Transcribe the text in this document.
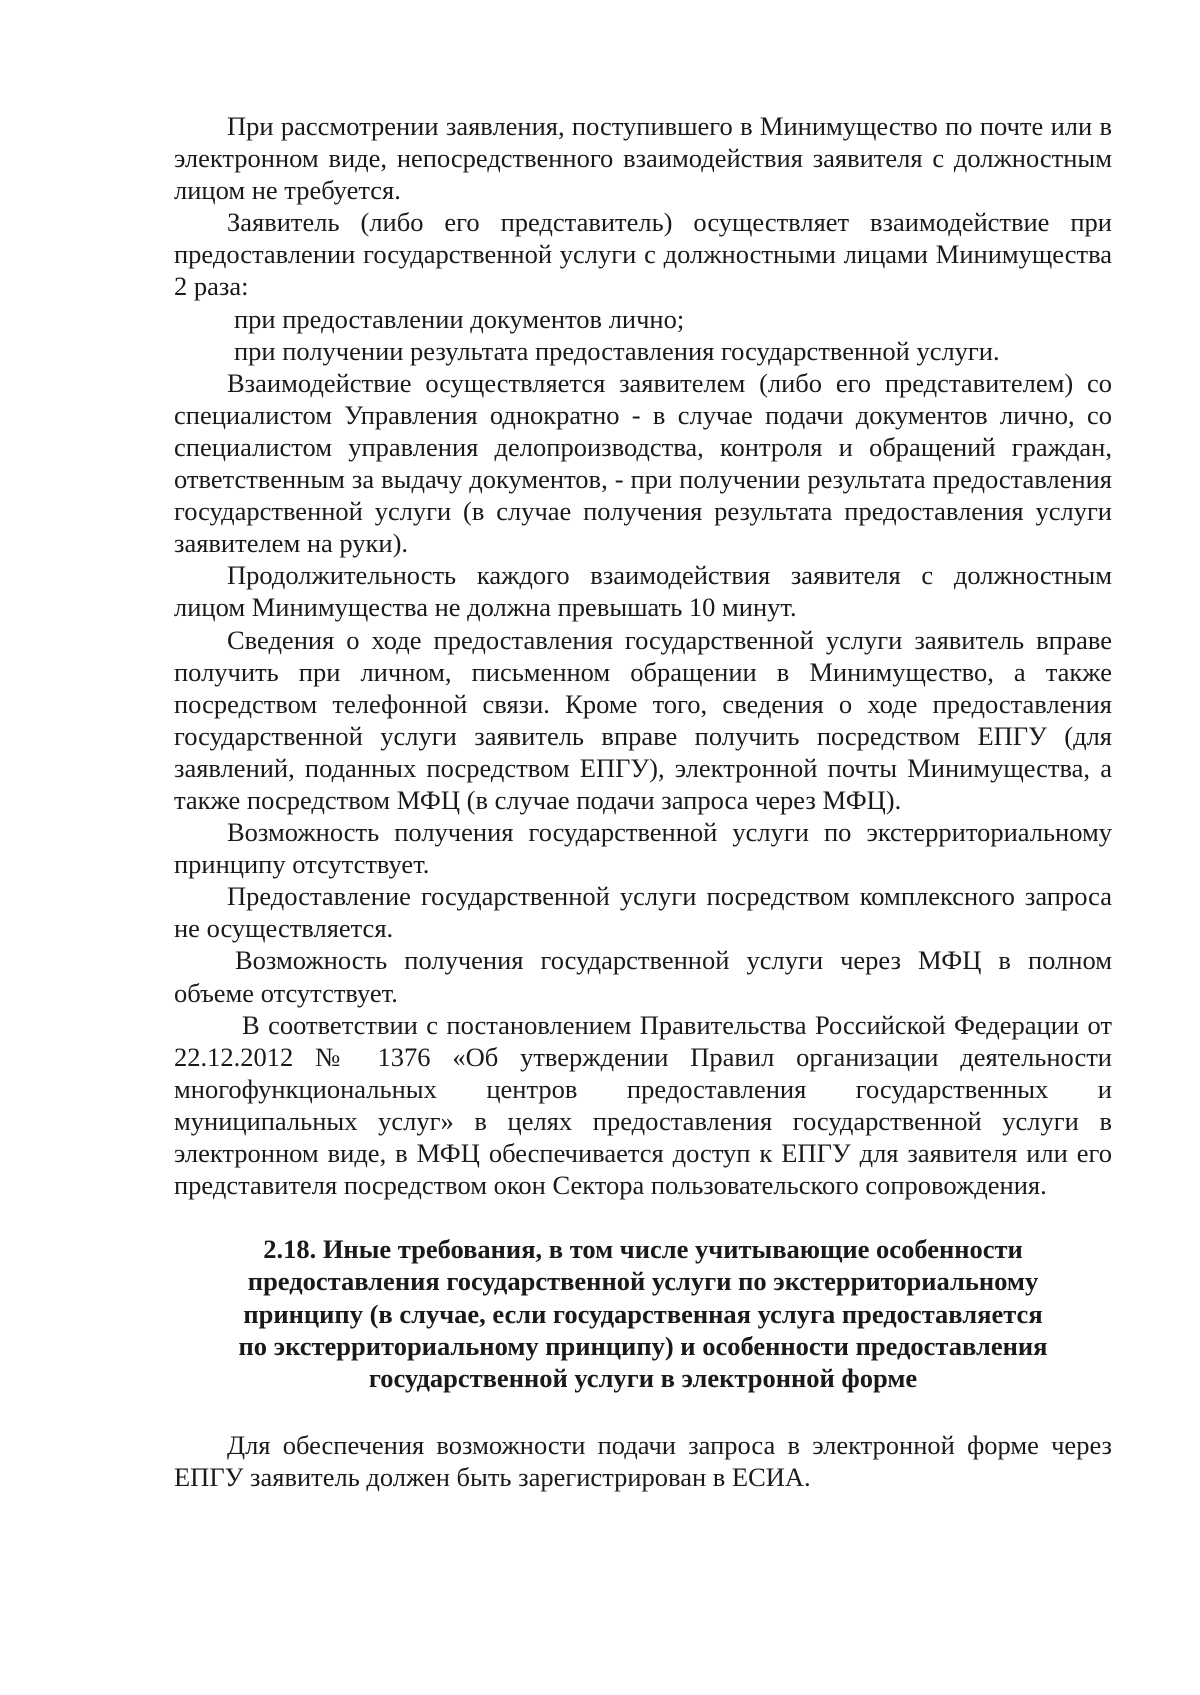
При рассмотрении заявления, поступившего в Минимущество по почте или в электронном виде, непосредственного взаимодействия заявителя с должностным лицом не требуется.

Заявитель (либо его представитель) осуществляет взаимодействие при предоставлении государственной услуги с должностными лицами Минимущества 2 раза:

при предоставлении документов лично;

при получении результата предоставления государственной услуги.

Взаимодействие осуществляется заявителем (либо его представителем) со специалистом Управления однократно - в случае подачи документов лично, со специалистом управления делопроизводства, контроля и обращений граждан, ответственным за выдачу документов, - при получении результата предоставления государственной услуги (в случае получения результата предоставления услуги заявителем на руки).

Продолжительность каждого взаимодействия заявителя с должностным лицом Минимущества не должна превышать 10 минут.

Сведения о ходе предоставления государственной услуги заявитель вправе получить при личном, письменном обращении в Минимущество, а также посредством телефонной связи. Кроме того, сведения о ходе предоставления государственной услуги заявитель вправе получить посредством ЕПГУ (для заявлений, поданных посредством ЕПГУ), электронной почты Минимущества, а также посредством МФЦ (в случае подачи запроса через МФЦ).

Возможность получения государственной услуги по экстерриториальному принципу отсутствует.

Предоставление государственной услуги посредством комплексного запроса не осуществляется.

Возможность получения государственной услуги через МФЦ в полном объеме отсутствует.

В соответствии с постановлением Правительства Российской Федерации от 22.12.2012 № 1376 «Об утверждении Правил организации деятельности многофункциональных центров предоставления государственных и муниципальных услуг» в целях предоставления государственной услуги в электронном виде, в МФЦ обеспечивается доступ к ЕПГУ для заявителя или его представителя посредством окон Сектора пользовательского сопровождения.

2.18. Иные требования, в том числе учитывающие особенности
предоставления государственной услуги по экстерриториальному
принципу (в случае, если государственная услуга предоставляется
по экстерриториальному принципу) и особенности предоставления
государственной услуги в электронной форме

Для обеспечения возможности подачи запроса в электронной форме через ЕПГУ заявитель должен быть зарегистрирован в ЕСИА.
